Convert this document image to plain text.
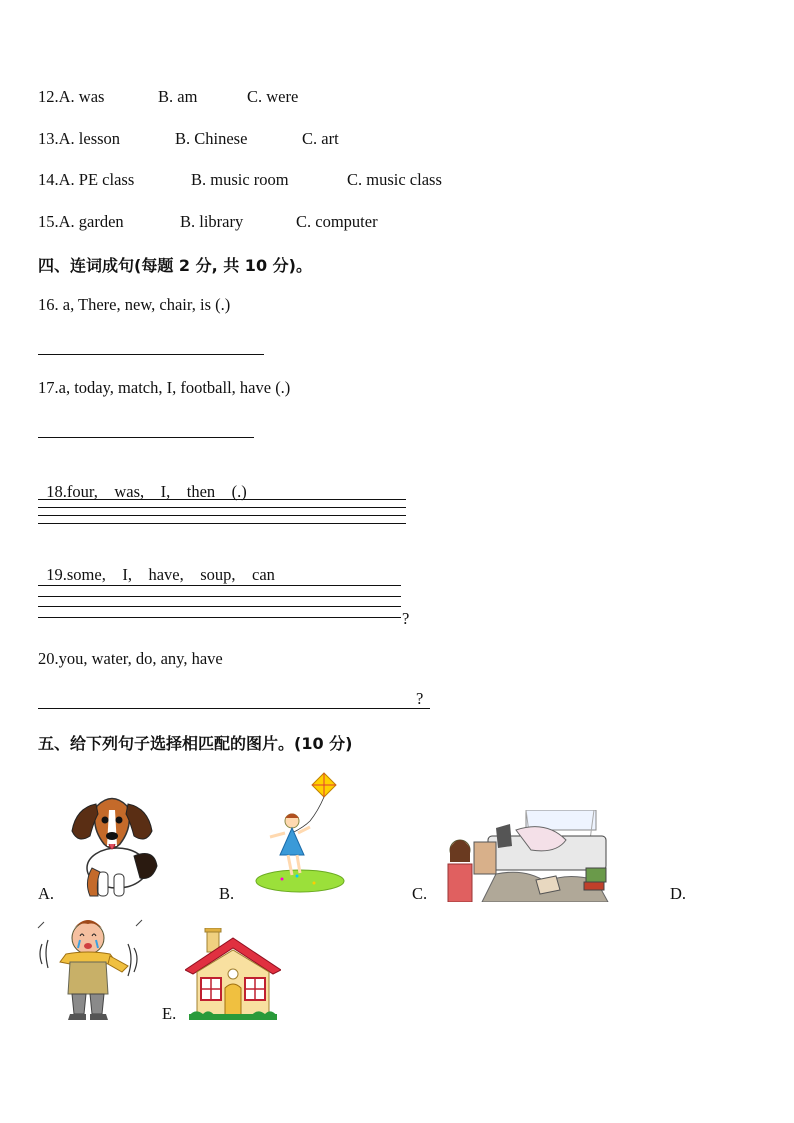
12.A. was	B. am	C. were
13.A. lesson	B. Chinese	C. art
14.A. PE class	B. music room	C. music class
15.A. garden	B. library	C. computer
四、连词成句(每题 2 分, 共 10 分)。
16. a, There, new, chair, is (.)
17.a, today, match, I, football, have (.)

18.four,    was,    I,    then    (.)

19.some,    I,    have,    soup,    can

?
20.you, water, do, any, have
?
五、给下列句子选择相匹配的图片。(10 分)
A.	B.	C.	D.
E.
